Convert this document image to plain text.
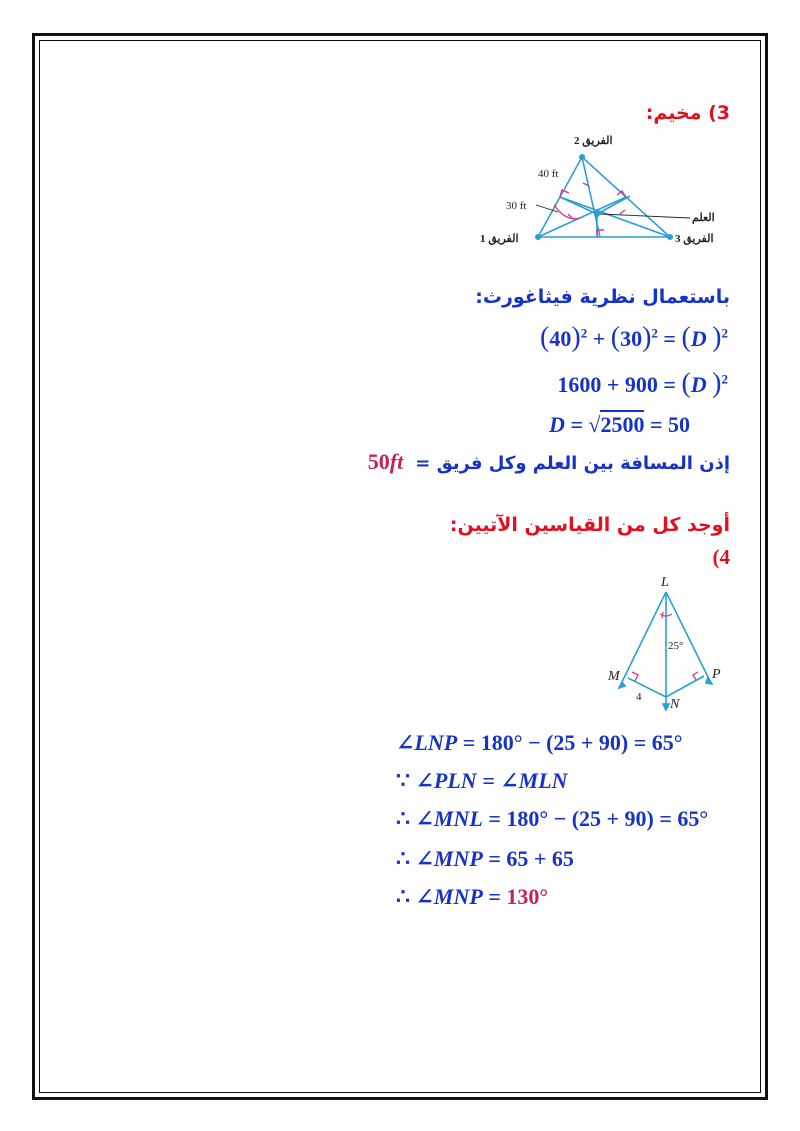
3) مخيم:
الفريق 2
40 ft
30 ft
العلم
الفريق 1	الفريق 3
باستعمال نظرية فيثاغورث:
$(40)^2 + (30)^2 = (D$ )$^2$
1600 + 900 = (D )$^2$
D = √2500 = 50
إذن المسافة بين العلم وكل فريق = 50ft
أوجد كل من القياسين الآتيين:
(4
L
M	P
N
25°
4
∠LNP = 180° − (25 + 90) = 65°
∵ ∠PLN = ∠MLN
∴ ∠MNL = 180° − (25 + 90) = 65°
∴ ∠MNP = 65 + 65
∴ ∠MNP = 130°
